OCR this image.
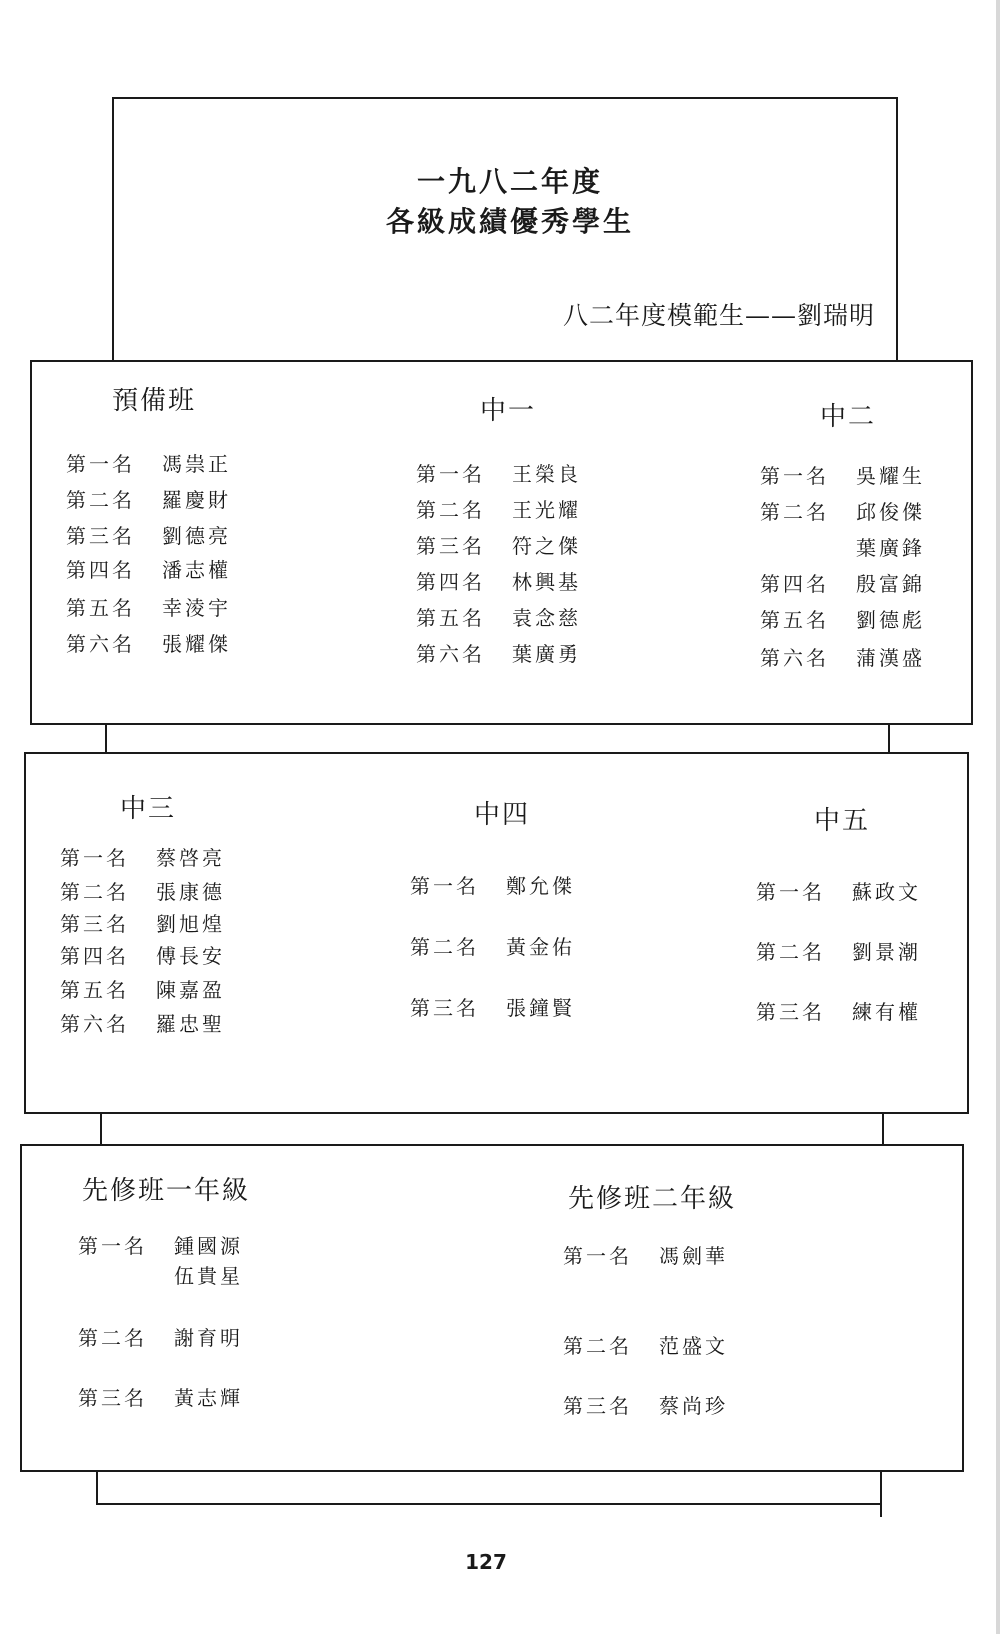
一九八二年度
各級成績優秀學生
八二年度模範生——劉瑞明
預備班
第一名 馮祟正
第二名 羅慶財
第三名 劉德亮
第四名 潘志權
第五名 幸淩宇
第六名 張耀傑
中一
第一名 王榮良
第二名 王光耀
第三名 符之傑
第四名 林興基
第五名 袁念慈
第六名 葉廣勇
中二
第一名 吳耀生
第二名 邱俊傑
葉廣鋒
第四名 殷富錦
第五名 劉德彪
第六名 蒲漢盛
中三
第一名 蔡啓亮
第二名 張康德
第三名 劉旭煌
第四名 傅長安
第五名 陳嘉盈
第六名 羅忠聖
中四
第一名 鄭允傑
第二名 黃金佑
第三名 張鐘賢
中五
第一名 蘇政文
第二名 劉景潮
第三名 練有權
先修班一年級
第一名 鍾國源
伍貴星
第二名 謝育明
第三名 黃志輝
先修班二年級
第一名 馮劍華
第二名 范盛文
第三名 蔡尚珍
127
